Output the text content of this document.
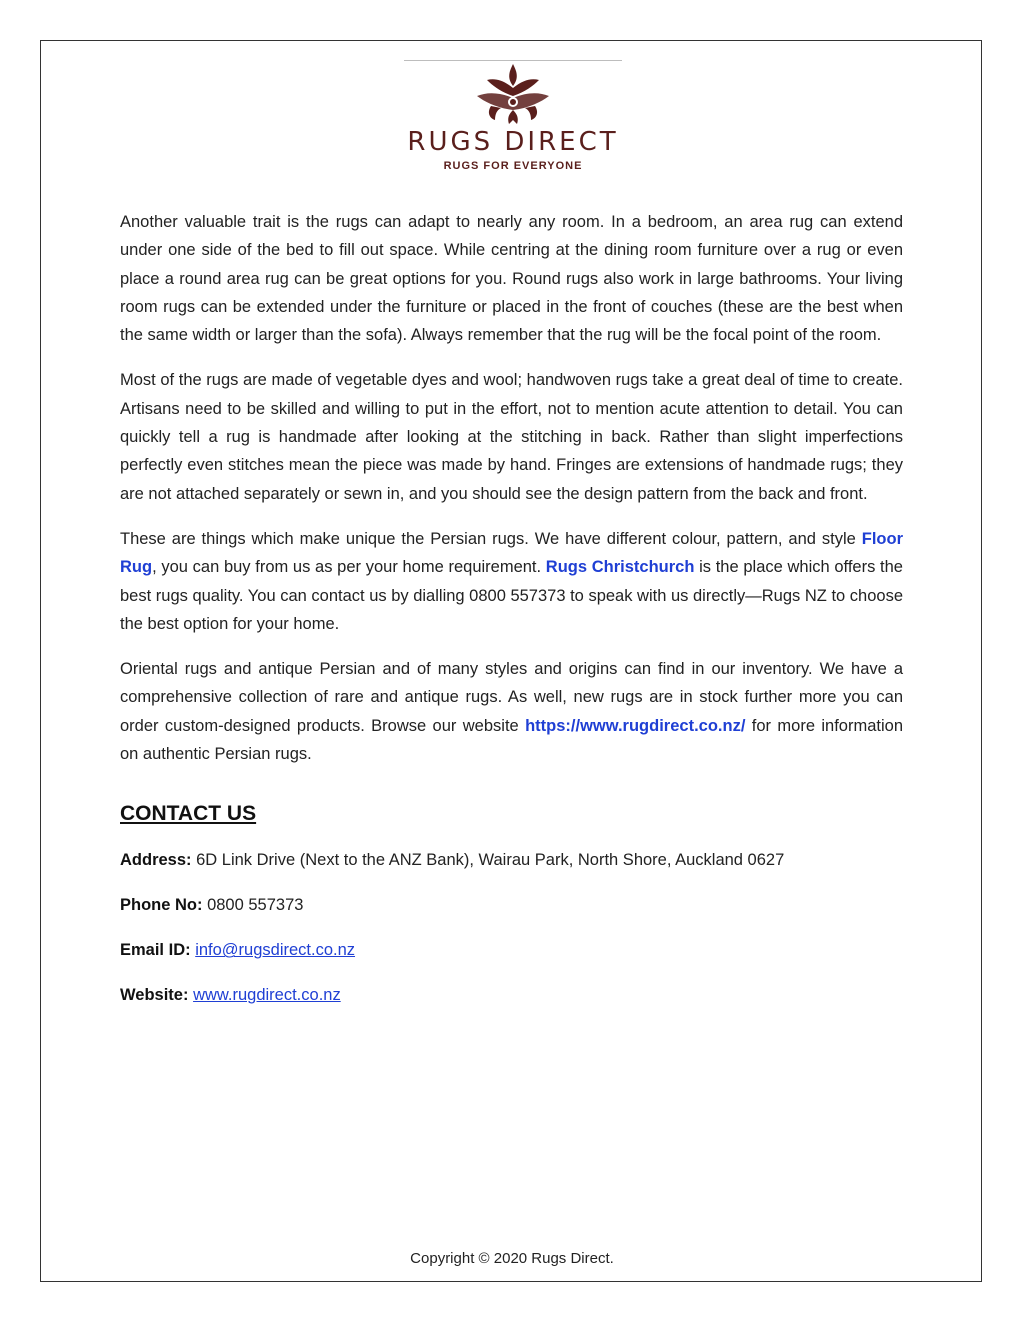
RUGS DIRECT
RUGS FOR EVERYONE

Another valuable trait is the rugs can adapt to nearly any room. In a bedroom, an area rug can extend under one side of the bed to fill out space. While centring at the dining room furniture over a rug or even place a round area rug can be great options for you. Round rugs also work in large bathrooms. Your living room rugs can be extended under the furniture or placed in the front of couches (these are the best when the same width or larger than the sofa). Always remember that the rug will be the focal point of the room.

Most of the rugs are made of vegetable dyes and wool; handwoven rugs take a great deal of time to create. Artisans need to be skilled and willing to put in the effort, not to mention acute attention to detail. You can quickly tell a rug is handmade after looking at the stitching in back. Rather than slight imperfections perfectly even stitches mean the piece was made by hand. Fringes are extensions of handmade rugs; they are not attached separately or sewn in, and you should see the design pattern from the back and front.

These are things which make unique the Persian rugs. We have different colour, pattern, and style Floor Rug, you can buy from us as per your home requirement. Rugs Christchurch is the place which offers the best rugs quality. You can contact us by dialling 0800 557373 to speak with us directly—Rugs NZ to choose the best option for your home.

Oriental rugs and antique Persian and of many styles and origins can find in our inventory. We have a comprehensive collection of rare and antique rugs. As well, new rugs are in stock further more you can order custom-designed products. Browse our website https://www.rugdirect.co.nz/ for more information on authentic Persian rugs.

CONTACT US
Address: 6D Link Drive (Next to the ANZ Bank), Wairau Park, North Shore, Auckland 0627
Phone No: 0800 557373
Email ID: info@rugsdirect.co.nz
Website: www.rugdirect.co.nz
Copyright © 2020 Rugs Direct.
